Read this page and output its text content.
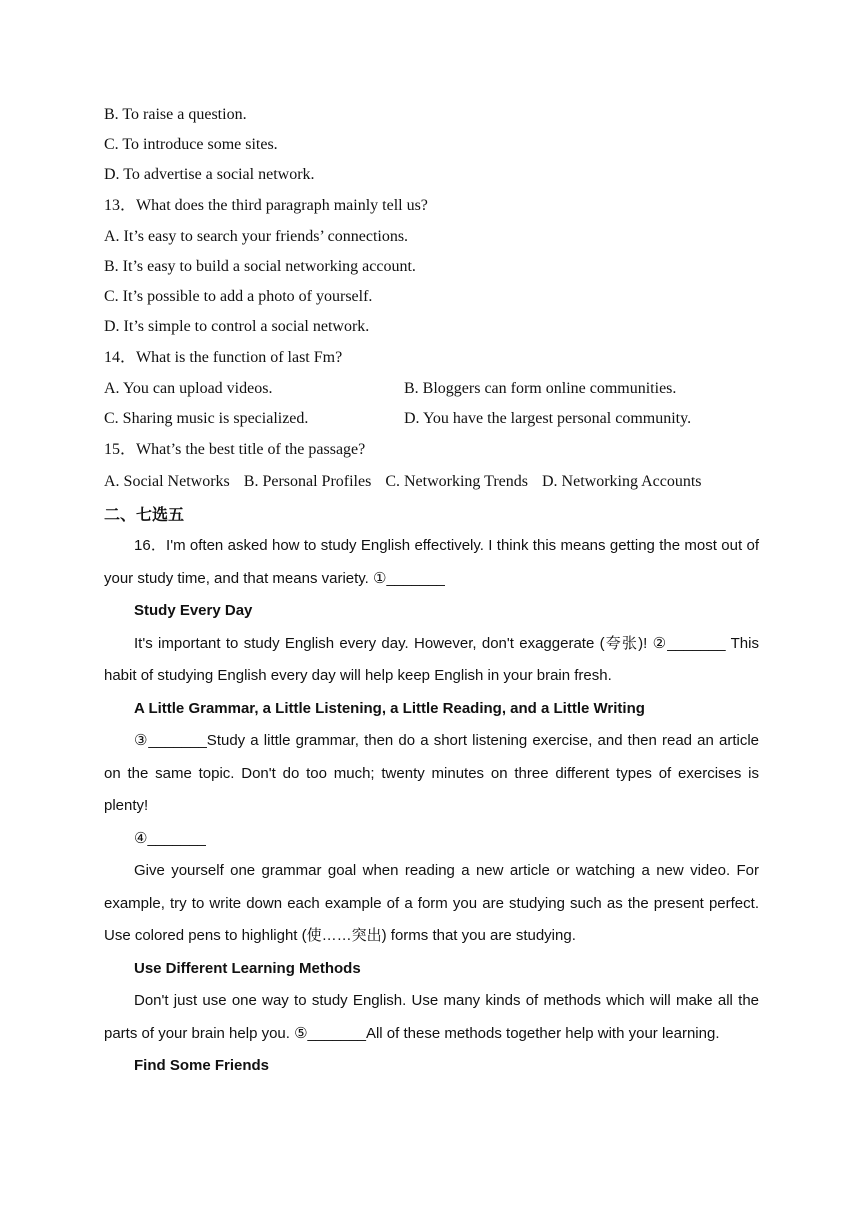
B. To raise a question.
C. To introduce some sites.
D. To advertise a social network.
13．What does the third paragraph mainly tell us?
A. It’s easy to search your friends’ connections.
B. It’s easy to build a social networking account.
C. It’s possible to add a photo of yourself.
D. It’s simple to control a social network.
14．What is the function of last Fm?
A. You can upload videos.	B. Bloggers can form online communities.
C. Sharing music is specialized.	D. You have the largest personal community.
15．What’s the best title of the passage?
A. Social Networks B. Personal Profiles C. Networking Trends D. Networking Accounts
二、七选五

16．I'm often asked how to study English effectively. I think this means getting the most out of your study time, and that means variety. ①_______

Study Every Day

It's important to study English every day. However, don't exaggerate (夸张)! ②_______ This habit of studying English every day will help keep English in your brain fresh.

A Little Grammar, a Little Listening, a Little Reading, and a Little Writing

③_______Study a little grammar, then do a short listening exercise, and then read an article on the same topic. Don't do too much; twenty minutes on three different types of exercises is plenty!

④_______

Give yourself one grammar goal when reading a new article or watching a new video. For example, try to write down each example of a form you are studying such as the present perfect. Use colored pens to highlight (使……突出) forms that you are studying.

Use Different Learning Methods

Don't just use one way to study English. Use many kinds of methods which will make all the parts of your brain help you. ⑤_______All of these methods together help with your learning.

Find Some Friends
